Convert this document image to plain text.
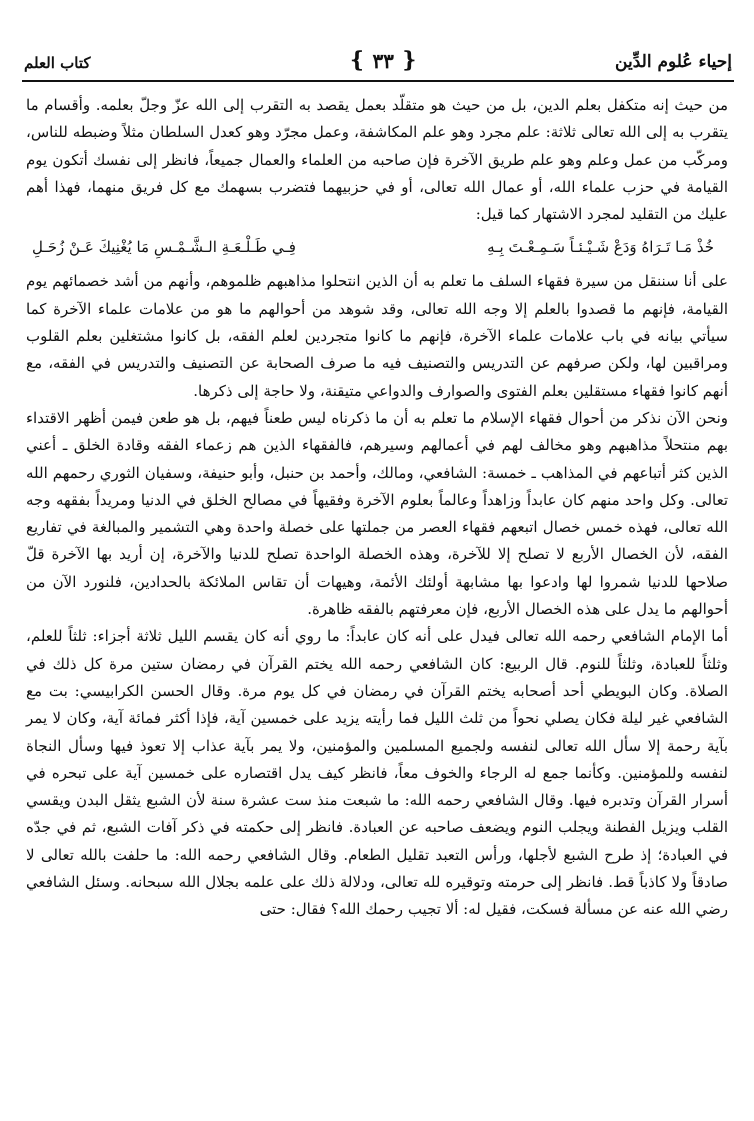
إحياء عُلوم الدِّين
❴ ٣٣ ❵
كتاب العلم

من حيث إنه متكفل بعلم الدين، بل من حيث هو متقلّد بعمل يقصد به التقرب إلى الله عزّ وجلّ بعلمه. وأقسام ما يتقرب به إلى الله تعالى ثلاثة: علم مجرد وهو علم المكاشفة، وعمل مجرّد وهو كعدل السلطان مثلاً وضبطه للناس، ومركّب من عمل وعلم وهو علم طريق الآخرة فإن صاحبه من العلماء والعمال جميعاً، فانظر إلى نفسك أتكون يوم القيامة في حزب علماء الله، أو عمال الله تعالى، أو في حزبيهما فتضرب بسهمك مع كل فريق منهما، فهذا أهم عليك من التقليد لمجرد الاشتهار كما قيل:

خُذْ مَـا تَـرَاهُ وَدَعْ شَـيْـئـاً سَـمِـعْـتَ بِـهِ
فِـي طَـلْـعَـةِ الـشَّـمْـسِ مَا يُغْنِيكَ عَـنْ زُحَـلِ

على أنا سننقل من سيرة فقهاء السلف ما تعلم به أن الذين انتحلوا مذاهبهم ظلموهم، وأنهم من أشد خصمائهم يوم القيامة، فإنهم ما قصدوا بالعلم إلا وجه الله تعالى، وقد شوهد من أحوالهم ما هو من علامات علماء الآخرة كما سيأتي بيانه في باب علامات علماء الآخرة، فإنهم ما كانوا متجردين لعلم الفقه، بل كانوا مشتغلين بعلم القلوب ومراقبين لها، ولكن صرفهم عن التدريس والتصنيف فيه ما صرف الصحابة عن التصنيف والتدريس في الفقه، مع أنهم كانوا فقهاء مستقلين بعلم الفتوى والصوارف والدواعي متيقنة، ولا حاجة إلى ذكرها.

ونحن الآن نذكر من أحوال فقهاء الإسلام ما تعلم به أن ما ذكرناه ليس طعناً فيهم، بل هو طعن فيمن أظهر الاقتداء بهم منتحلاً مذاهبهم وهو مخالف لهم في أعمالهم وسيرهم، فالفقهاء الذين هم زعماء الفقه وقادة الخلق ـ أعني الذين كثر أتباعهم في المذاهب ـ خمسة: الشافعي، ومالك، وأحمد بن حنبل، وأبو حنيفة، وسفيان الثوري رحمهم الله تعالى. وكل واحد منهم كان عابداً وزاهداً وعالماً بعلوم الآخرة وفقيهاً في مصالح الخلق في الدنيا ومريداً بفقهه وجه الله تعالى، فهذه خمس خصال اتبعهم فقهاء العصر من جملتها على خصلة واحدة وهي التشمير والمبالغة في تفاريع الفقه، لأن الخصال الأربع لا تصلح إلا للآخرة، وهذه الخصلة الواحدة تصلح للدنيا والآخرة، إن أريد بها الآخرة قلّ صلاحها للدنيا شمروا لها وادعوا بها مشابهة أولئك الأئمة، وهيهات أن تقاس الملائكة بالحدادين، فلنورد الآن من أحوالهم ما يدل على هذه الخصال الأربع، فإن معرفتهم بالفقه ظاهرة.

أما الإمام الشافعي رحمه الله تعالى فيدل على أنه كان عابداً: ما روي أنه كان يقسم الليل ثلاثة أجزاء: ثلثاً للعلم، وثلثاً للعبادة، وثلثاً للنوم. قال الربيع: كان الشافعي رحمه الله يختم القرآن في رمضان ستين مرة كل ذلك في الصلاة. وكان البويطي أحد أصحابه يختم القرآن في رمضان في كل يوم مرة. وقال الحسن الكرابيسي: بت مع الشافعي غير ليلة فكان يصلي نحواً من ثلث الليل فما رأيته يزيد على خمسين آية، فإذا أكثر فمائة آية، وكان لا يمر بآية رحمة إلا سأل الله تعالى لنفسه ولجميع المسلمين والمؤمنين، ولا يمر بآية عذاب إلا تعوذ فيها وسأل النجاة لنفسه وللمؤمنين. وكأنما جمع له الرجاء والخوف معاً، فانظر كيف يدل اقتصاره على خمسين آية على تبحره في أسرار القرآن وتدبره فيها. وقال الشافعي رحمه الله: ما شبعت منذ ست عشرة سنة لأن الشبع يثقل البدن ويقسي القلب ويزيل الفطنة ويجلب النوم ويضعف صاحبه عن العبادة. فانظر إلى حكمته في ذكر آفات الشبع، ثم في جدّه في العبادة؛ إذ طرح الشبع لأجلها، ورأس التعبد تقليل الطعام. وقال الشافعي رحمه الله: ما حلفت بالله تعالى لا صادقاً ولا كاذباً قط. فانظر إلى حرمته وتوقيره لله تعالى، ودلالة ذلك على علمه بجلال الله سبحانه. وسئل الشافعي رضي الله عنه عن مسألة فسكت، فقيل له: ألا تجيب رحمك الله؟ فقال: حتى
